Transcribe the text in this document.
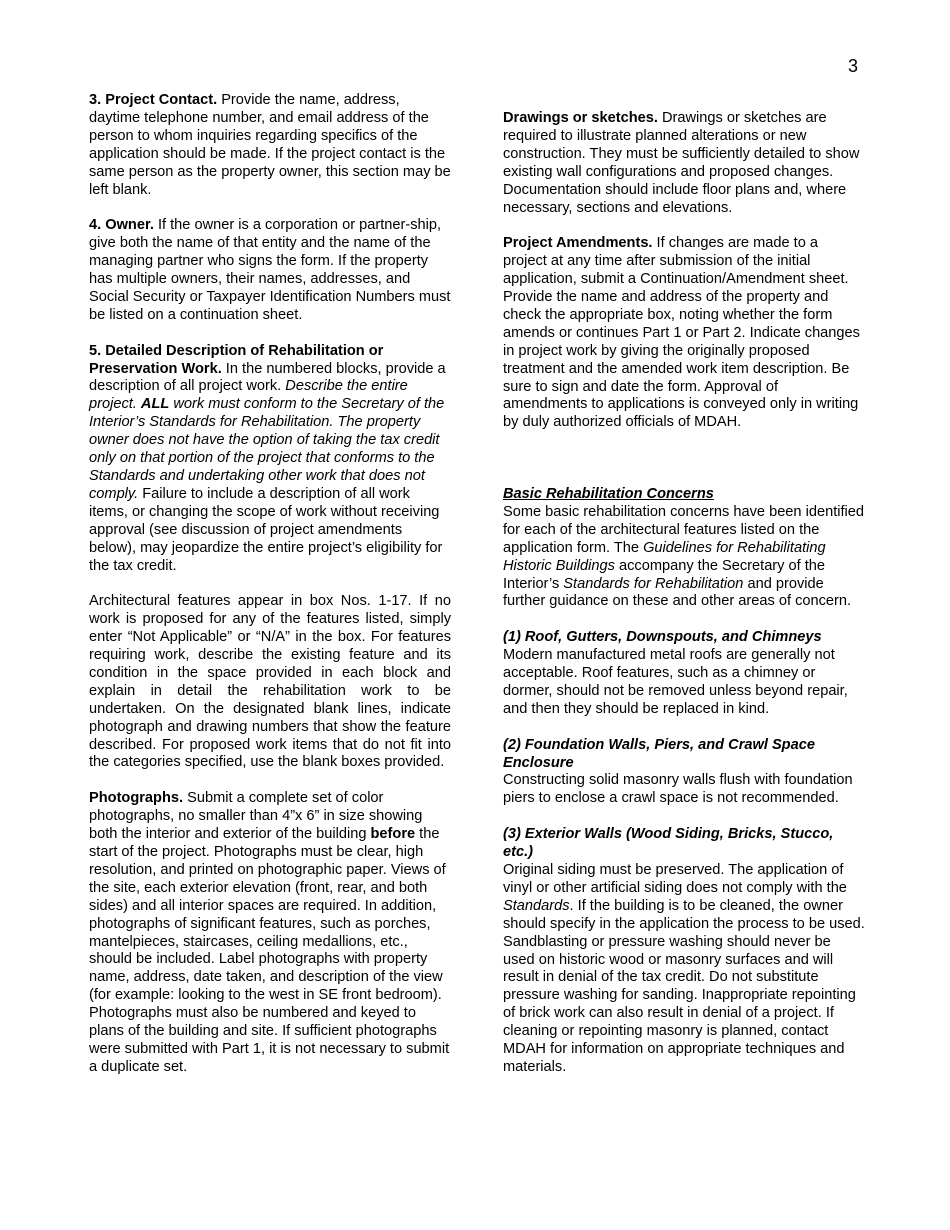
3

3. Project Contact. Provide the name, address, daytime telephone number, and email address of the person to whom inquiries regarding specifics of the application should be made. If the project contact is the same person as the property owner, this section may be left blank.

4. Owner. If the owner is a corporation or partner-ship, give both the name of that entity and the name of the managing partner who signs the form. If the property has multiple owners, their names, addresses, and Social Security or Taxpayer Identification Numbers must be listed on a continuation sheet.

5. Detailed Description of Rehabilitation or Preservation Work. In the numbered blocks, provide a description of all project work. Describe the entire project. ALL work must conform to the Secretary of the Interior’s Standards for Rehabilitation. The property owner does not have the option of taking the tax credit only on that portion of the project that conforms to the Standards and undertaking other work that does not comply. Failure to include a description of all work items, or changing the scope of work without receiving approval (see discussion of project amendments below), may jeopardize the entire project’s eligibility for the tax credit.

Architectural features appear in box Nos. 1-17. If no work is proposed for any of the features listed, simply enter “Not Applicable” or “N/A” in the box. For features requiring work, describe the existing feature and its condition in the space provided in each block and explain in detail the rehabilitation work to be undertaken. On the designated blank lines, indicate photograph and drawing numbers that show the feature described. For proposed work items that do not fit into the categories specified, use the blank boxes provided.

Photographs. Submit a complete set of color photographs, no smaller than 4”x 6” in size showing both the interior and exterior of the building before the start of the project. Photographs must be clear, high resolution, and printed on photographic paper. Views of the site, each exterior elevation (front, rear, and both sides) and all interior spaces are required. In addition, photographs of significant features, such as porches, mantelpieces, staircases, ceiling medallions, etc., should be included. Label photographs with property name, address, date taken, and description of the view (for example: looking to the west in SE front bedroom). Photographs must also be numbered and keyed to plans of the building and site. If sufficient photographs were submitted with Part 1, it is not necessary to submit a duplicate set.

Drawings or sketches. Drawings or sketches are required to illustrate planned alterations or new construction. They must be sufficiently detailed to show existing wall configurations and proposed changes. Documentation should include floor plans and, where necessary, sections and elevations.

Project Amendments. If changes are made to a project at any time after submission of the initial application, submit a Continuation/Amendment sheet. Provide the name and address of the property and check the appropriate box, noting whether the form amends or continues Part 1 or Part 2. Indicate changes in project work by giving the originally proposed treatment and the amended work item description. Be sure to sign and date the form. Approval of amendments to applications is conveyed only in writing by duly authorized officials of MDAH.

Basic Rehabilitation Concerns

Some basic rehabilitation concerns have been identified for each of the architectural features listed on the application form. The Guidelines for Rehabilitating Historic Buildings accompany the Secretary of the Interior’s Standards for Rehabilitation and provide further guidance on these and other areas of concern.

(1) Roof, Gutters, Downspouts, and Chimneys

Modern manufactured metal roofs are generally not acceptable. Roof features, such as a chimney or dormer, should not be removed unless beyond repair, and then they should be replaced in kind.

(2) Foundation Walls, Piers, and Crawl Space Enclosure

Constructing solid masonry walls flush with foundation piers to enclose a crawl space is not recommended.

(3) Exterior Walls (Wood Siding, Bricks, Stucco, etc.)

Original siding must be preserved. The application of vinyl or other artificial siding does not comply with the Standards. If the building is to be cleaned, the owner should specify in the application the process to be used. Sandblasting or pressure washing should never be used on historic wood or masonry surfaces and will result in denial of the tax credit. Do not substitute pressure washing for sanding. Inappropriate repointing of brick work can also result in denial of a project. If cleaning or repointing masonry is planned, contact MDAH for information on appropriate techniques and materials.
